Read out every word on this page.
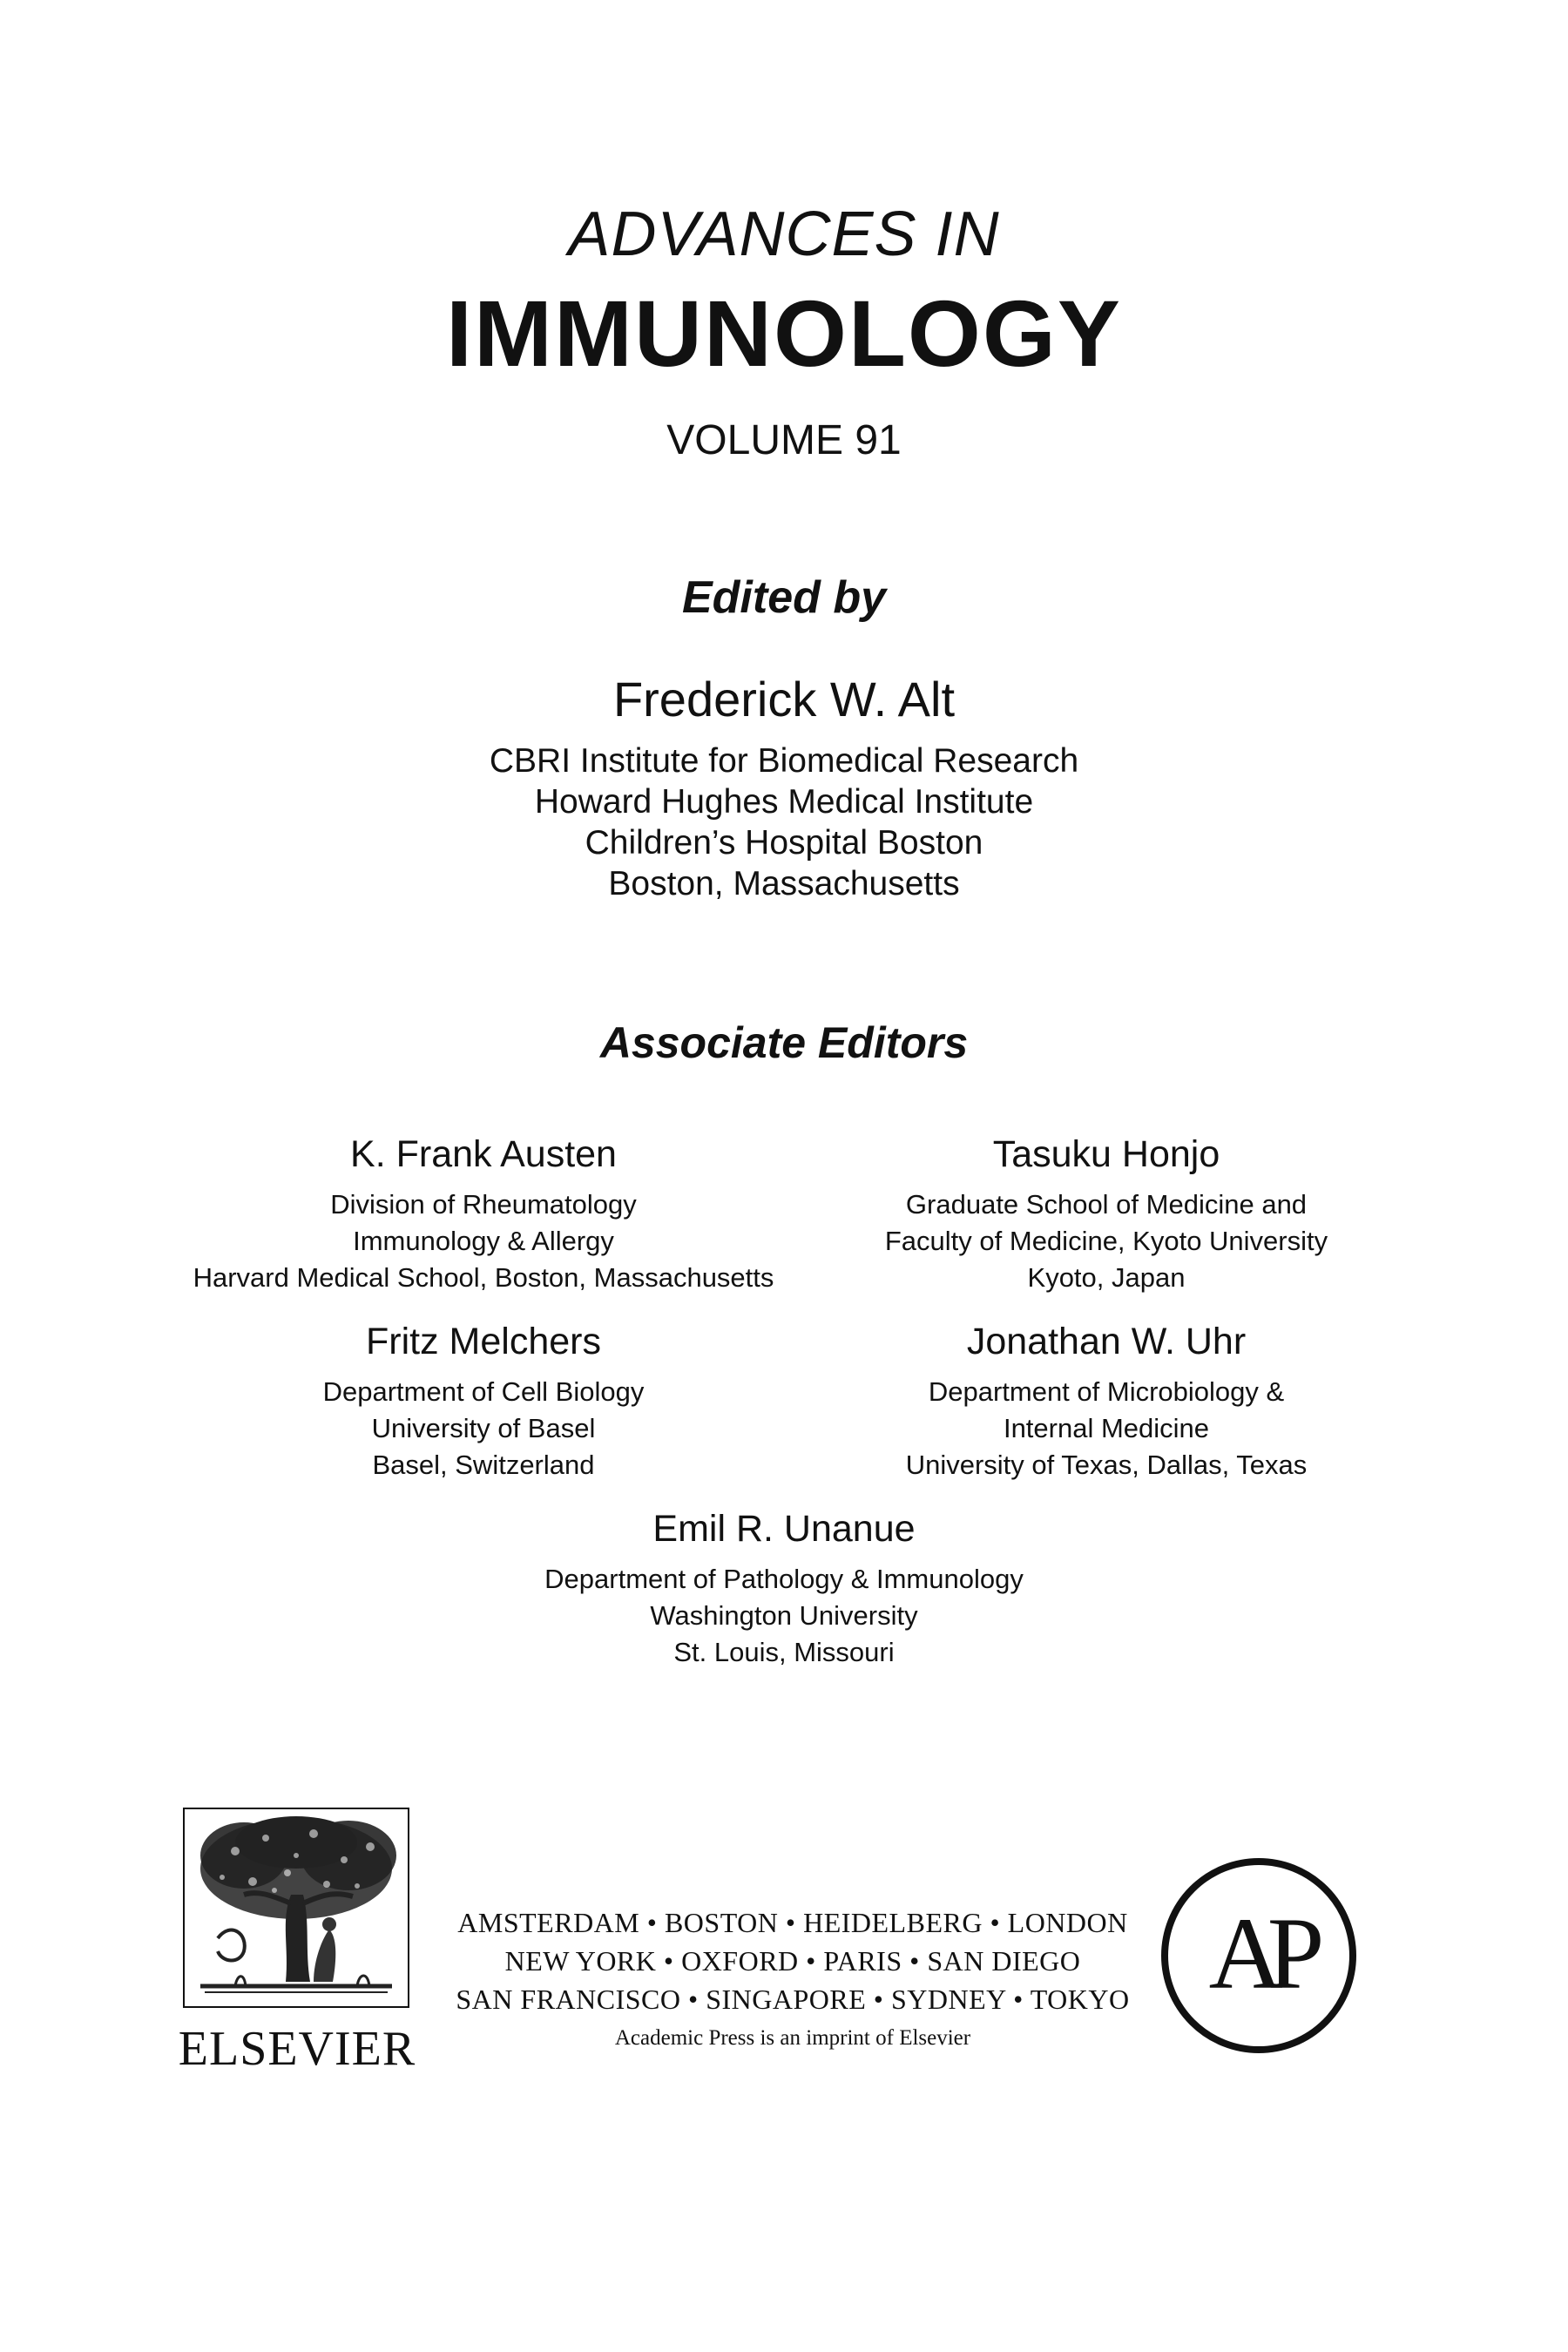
ADVANCES IN
IMMUNOLOGY
VOLUME 91
Edited by
Frederick W. Alt
CBRI Institute for Biomedical Research
Howard Hughes Medical Institute
Children’s Hospital Boston
Boston, Massachusetts
Associate Editors
K. Frank Austen
Division of Rheumatology
Immunology & Allergy
Harvard Medical School, Boston, Massachusetts
Tasuku Honjo
Graduate School of Medicine and
Faculty of Medicine, Kyoto University
Kyoto, Japan
Fritz Melchers
Department of Cell Biology
University of Basel
Basel, Switzerland
Jonathan W. Uhr
Department of Microbiology &
Internal Medicine
University of Texas, Dallas, Texas
Emil R. Unanue
Department of Pathology & Immunology
Washington University
St. Louis, Missouri
ELSEVIER
AMSTERDAM • BOSTON • HEIDELBERG • LONDON
NEW YORK • OXFORD • PARIS • SAN DIEGO
SAN FRANCISCO • SINGAPORE • SYDNEY • TOKYO
Academic Press is an imprint of Elsevier
AP
